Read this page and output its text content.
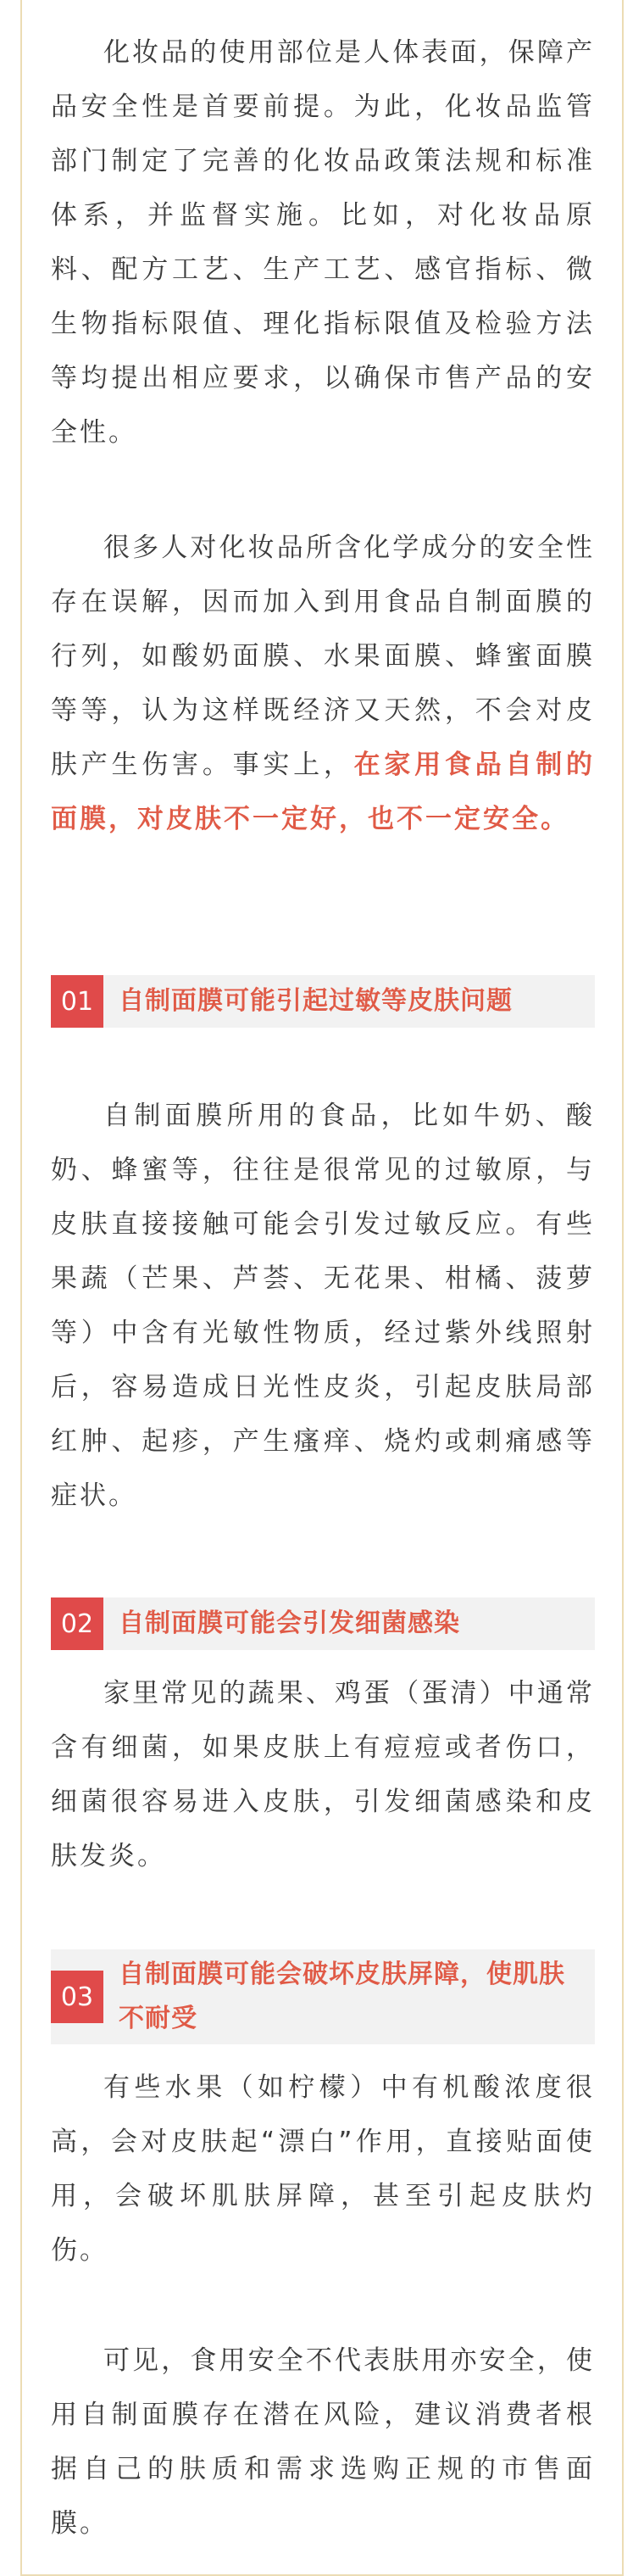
化妆品的使用部位是人体表面，保障产品安全性是首要前提。为此，化妆品监管部门制定了完善的化妆品政策法规和标准体系，并监督实施。比如，对化妆品原料、配方工艺、生产工艺、感官指标、微生物指标限值、理化指标限值及检验方法等均提出相应要求，以确保市售产品的安全性。

很多人对化妆品所含化学成分的安全性存在误解，因而加入到用食品自制面膜的行列，如酸奶面膜、水果面膜、蜂蜜面膜等等，认为这样既经济又天然，不会对皮肤产生伤害。事实上，在家用食品自制的面膜，对皮肤不一定好，也不一定安全。

01 自制面膜可能引起过敏等皮肤问题

自制面膜所用的食品，比如牛奶、酸奶、蜂蜜等，往往是很常见的过敏原，与皮肤直接接触可能会引发过敏反应。有些果蔬（芒果、芦荟、无花果、柑橘、菠萝等）中含有光敏性物质，经过紫外线照射后，容易造成日光性皮炎，引起皮肤局部红肿、起疹，产生瘙痒、烧灼或刺痛感等症状。

02 自制面膜可能会引发细菌感染

家里常见的蔬果、鸡蛋（蛋清）中通常含有细菌，如果皮肤上有痘痘或者伤口，细菌很容易进入皮肤，引发细菌感染和皮肤发炎。

03
自制面膜可能会破坏皮肤屏障，使肌肤不耐受

有些水果（如柠檬）中有机酸浓度很高，会对皮肤起“漂白”作用，直接贴面使用，会破坏肌肤屏障，甚至引起皮肤灼伤。

可见，食用安全不代表肤用亦安全，使用自制面膜存在潜在风险，建议消费者根据自己的肤质和需求选购正规的市售面膜。
